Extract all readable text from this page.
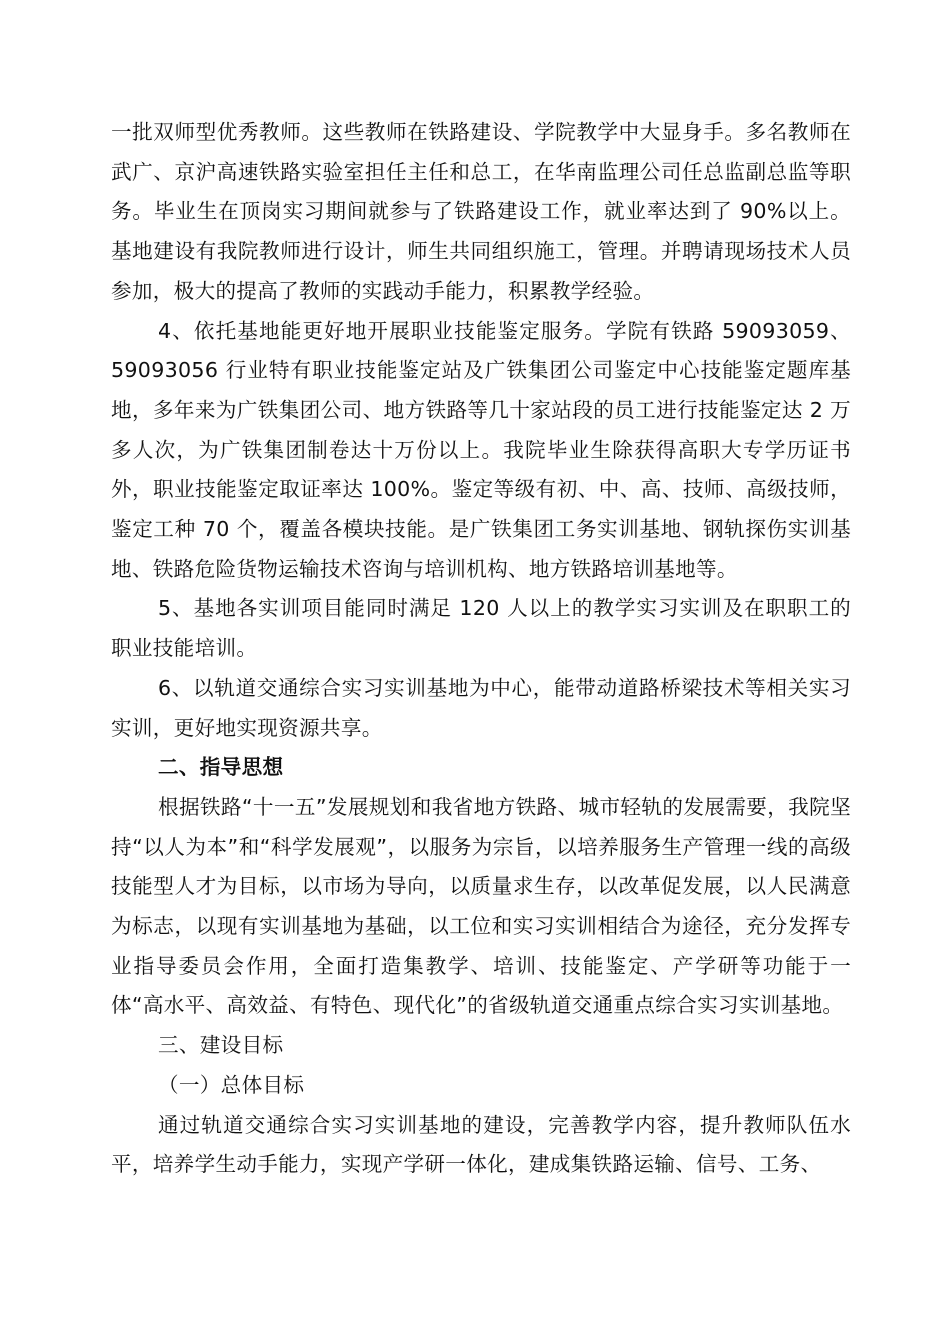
一批双师型优秀教师。这些教师在铁路建设、学院教学中大显身手。多名教师在武广、京沪高速铁路实验室担任主任和总工，在华南监理公司任总监副总监等职务。毕业生在顶岗实习期间就参与了铁路建设工作，就业率达到了 90%以上。基地建设有我院教师进行设计，师生共同组织施工，管理。并聘请现场技术人员参加，极大的提高了教师的实践动手能力，积累教学经验。

4、依托基地能更好地开展职业技能鉴定服务。学院有铁路 59093059、59093056 行业特有职业技能鉴定站及广铁集团公司鉴定中心技能鉴定题库基地，多年来为广铁集团公司、地方铁路等几十家站段的员工进行技能鉴定达 2 万多人次，为广铁集团制卷达十万份以上。我院毕业生除获得高职大专学历证书外，职业技能鉴定取证率达 100%。鉴定等级有初、中、高、技师、高级技师，鉴定工种 70 个，覆盖各模块技能。是广铁集团工务实训基地、钢轨探伤实训基地、铁路危险货物运输技术咨询与培训机构、地方铁路培训基地等。

5、基地各实训项目能同时满足 120 人以上的教学实习实训及在职职工的职业技能培训。

6、以轨道交通综合实习实训基地为中心，能带动道路桥梁技术等相关实习实训，更好地实现资源共享。

二、指导思想

根据铁路“十一五”发展规划和我省地方铁路、城市轻轨的发展需要，我院坚持“以人为本”和“科学发展观”，以服务为宗旨，以培养服务生产管理一线的高级技能型人才为目标，以市场为导向，以质量求生存，以改革促发展，以人民满意为标志，以现有实训基地为基础，以工位和实习实训相结合为途径，充分发挥专业指导委员会作用，全面打造集教学、培训、技能鉴定、产学研等功能于一体“高水平、高效益、有特色、现代化”的省级轨道交通重点综合实习实训基地。

三、建设目标

（一）总体目标

通过轨道交通综合实习实训基地的建设，完善教学内容，提升教师队伍水平，培养学生动手能力，实现产学研一体化，建成集铁路运输、信号、工务、
